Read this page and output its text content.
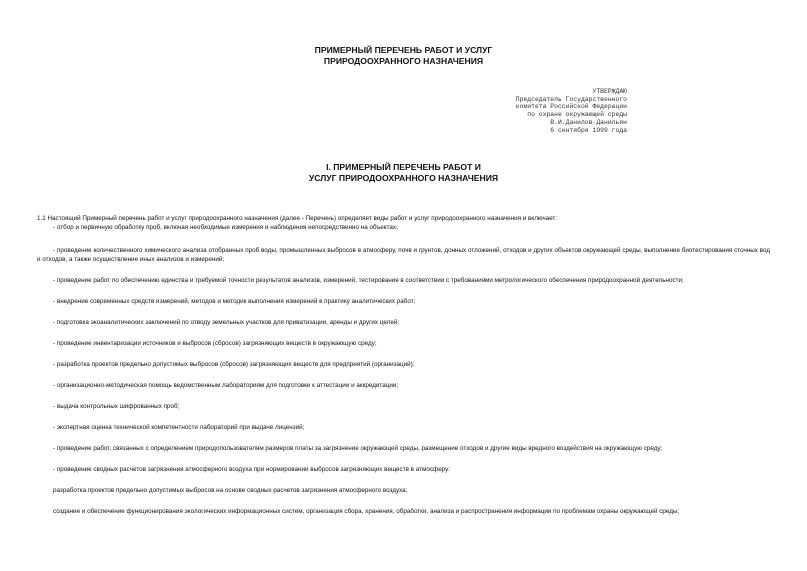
ПРИМЕРНЫЙ ПЕРЕЧЕНЬ РАБОТ И УСЛУГ
ПРИРОДООХРАННОГО НАЗНАЧЕНИЯ
УТВЕРЖДАЮ
Председатель Государственного
комитета Российской Федерации
по охране окружающей среды
В.И.Данилов-Данильян
6 сентября 1999 года
I. ПРИМЕРНЫЙ ПЕРЕЧЕНЬ РАБОТ И
УСЛУГ ПРИРОДООХРАННОГО НАЗНАЧЕНИЯ

1.1 Настоящий Примерный перечень работ и услуг природоохранного назначения (далее - Перечень) определяет виды работ и услуг природоохранного назначения и включает:

- отбор и первичную обработку проб, включая необходимые измерения и наблюдения непосредственно на объектах;

- проведение количественного химического анализа отобранных проб воды, промышленных выбросов в атмосферу, почв и грунтов, донных отложений, отходов и других объектов окружающей среды, выполнение биотестирования сточных вод и отходов, а также осуществление иных анализов и измерений;

- проведение работ по обеспечению единства и требуемой точности результатов анализов, измерений, тестирования в соответствии с требованиями метрологического обеспечения природоохранной деятельности;

- внедрение современных средств измерений, методов и методик выполнения измерений в практику аналитических работ;

- подготовка экоаналитических заключений по отводу земельных участков для приватизации, аренды и других целей;

- проведение инвентаризации источников и выбросов (сбросов) загрязняющих веществ в окружающую среду;

- разработка проектов предельно допустимых выбросов (сбросов) загрязняющих веществ для предприятий (организаций);

- организационно-методическая помощь ведомственным лабораториям для подготовки к аттестации и аккредитации;

- выдача контрольных шифрованных проб;

- экспертная оценка технической компетентности лабораторий при выдаче лицензий;

- проведение работ, связанных с определением природопользователям размеров платы за загрязнение окружающей среды, размещение отходов и другие виды вредного воздействия на окружающую среду;

- проведение сводных расчетов загрязнения атмосферного воздуха при нормировании выбросов загрязняющих веществ в атмосферу:

разработка проектов предельно допустимых выбросов на основе сводных расчетов загрязнения атмосферного воздуха;

создание и обеспечение функционирования экологических информационных систем, организация сбора, хранения, обработки, анализа и распространения информации по проблемам охраны окружающей среды;
